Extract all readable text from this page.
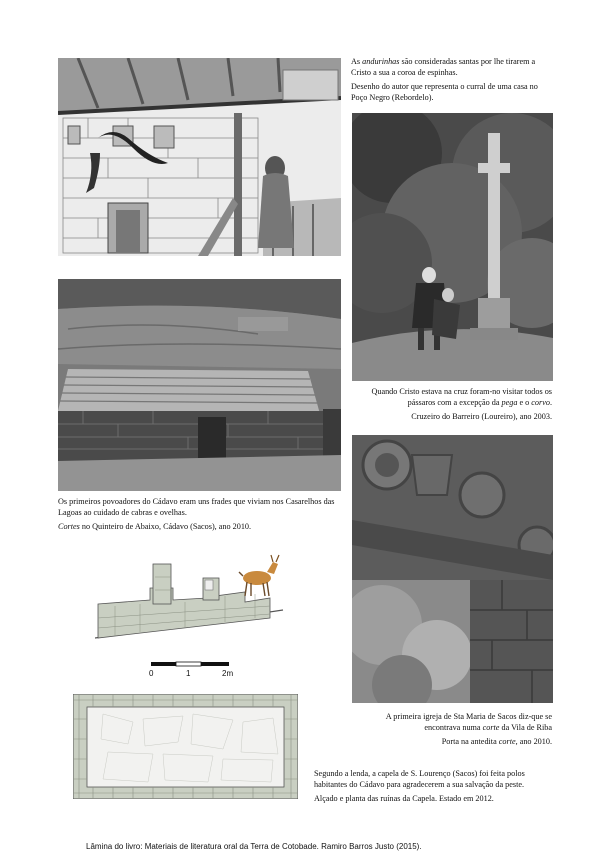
As andurinhas são consideradas santas por lhe tirarem a Cristo a sua a coroa de espinhas.

Desenho do autor que representa o curral de uma casa no Poço Negro (Rebordelo).

Quando Cristo estava na cruz foram-no visitar todos os pássaros com a excepção da pega e o corvo.

Cruzeiro do Barreiro (Loureiro), ano 2003.

Os primeiros povoadores do Cádavo eram uns frades que viviam nos Casarelhos das Lagoas ao cuidado de cabras e ovelhas.

Cortes no Quinteiro de Abaixo, Cádavo (Sacos), ano 2010.

0	1	2m

A primeira igreja de Sta Maria de Sacos diz-que se encontrava numa corte da Vila de Riba

Porta na antedita corte, ano 2010.

Segundo a lenda, a capela de S. Lourenço (Sacos) foi feita polos habitantes do Cádavo para agradecerem a sua salvação da peste.

Alçado e planta das ruínas da Capela. Estado em 2012.

Lâmina do livro: Materiais de literatura oral da Terra de Cotobade. Ramiro Barros Justo (2015).
